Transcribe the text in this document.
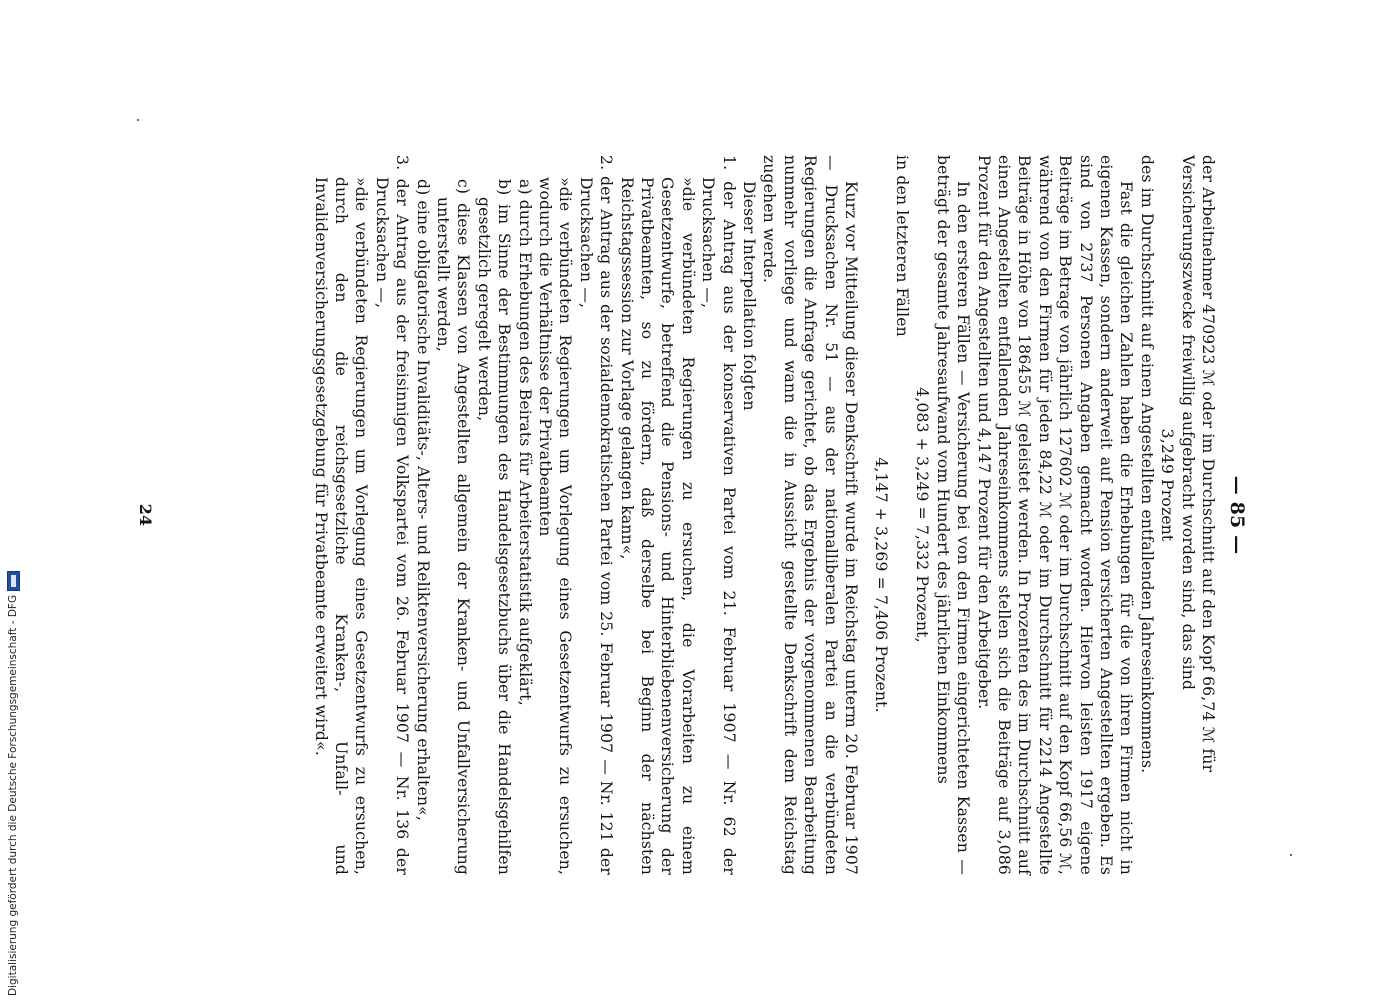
— 85 —

der Arbeitnehmer 470923 ℳ oder im Durchschnitt auf den Kopf 66,74 ℳ für

Versicherungszwecke freiwillig aufgebracht worden sind, das sind

3,249 Prozent

des im Durchschnitt auf einen Angestellten entfallenden Jahreseinkommens.

Fast die gleichen Zahlen haben die Erhebungen für die von ihren Firmen nicht in eigenen Kassen, sondern anderweit auf Pension versicherten Angestellten ergeben. Es sind von 2737 Personen Angaben gemacht worden. Hiervon leisten 1917 eigene Beiträge im Betrage von jährlich 127602 ℳ oder im Durchschnitt auf den Kopf 66,56 ℳ, während von den Firmen für jeden 84,22 ℳ oder im Durchschnitt für 2214 Angestellte Beiträge in Höhe von 186455 ℳ geleistet werden. In Prozenten des im Durchschnitt auf einen Angestellten entfallenden Jahreseinkommens stellen sich die Beiträge auf 3,086 Prozent für den Angestellten und 4,147 Prozent für den Arbeitgeber.

In den ersteren Fällen — Versicherung bei von den Firmen eingerichteten Kassen — beträgt der gesamte Jahresaufwand vom Hundert des jährlichen Einkommens

4,083 + 3,249 = 7,332 Prozent,

in den letzteren Fällen

4,147 + 3,269 = 7,406 Prozent.

Kurz vor Mitteilung dieser Denkschrift wurde im Reichstag unterm 20. Februar 1907 — Drucksachen Nr. 51 — aus der nationalliberalen Partei an die verbündeten Regierungen die Anfrage gerichtet, ob das Ergebnis der vorgenommenen Bearbeitung nunmehr vorliege und wann die in Aussicht gestellte Denkschrift dem Reichstag zugehen werde.

Dieser Interpellation folgten

1. der Antrag aus der konservativen Partei vom 21. Februar 1907 — Nr. 62 der Drucksachen —,

»die verbündeten Regierungen zu ersuchen, die Vorarbeiten zu einem Gesetzentwurfe, betreffend die Pensions- und Hinterbliebenenversicherung der Privatbeamten, so zu fördern, daß derselbe bei Beginn der nächsten Reichstagssession zur Vorlage gelangen kann«,

2. der Antrag aus der sozialdemokratischen Partei vom 25. Februar 1907 — Nr. 121 der Drucksachen —,

»die verbündeten Regierungen um Vorlegung eines Gesetzentwurfs zu ersuchen, wodurch die Verhältnisse der Privatbeamten

a) durch Erhebungen des Beirats für Arbeiterstatistik aufgeklärt,

b) im Sinne der Bestimmungen des Handelsgesetzbuchs über die Handelsgehilfen gesetzlich geregelt werden,

c) diese Klassen von Angestellten allgemein der Kranken- und Unfallversicherung unterstellt werden,

d) eine obligatorische Invaliditäts-, Alters- und Reliktenversicherung erhalten«,

3. der Antrag aus der freisinnigen Volkspartei vom 26. Februar 1907 — Nr. 136 der Drucksachen —,

»die verbündeten Regierungen um Vorlegung eines Gesetzentwurfs zu ersuchen, durch den die reichsgesetzliche Kranken-, Unfall- und Invalidenversicherungsgesetzgebung für Privatbeamte erweitert wird«.

24
Digitalisierung gefördert durch die Deutsche Forschungsgemeinschaft - DFG
